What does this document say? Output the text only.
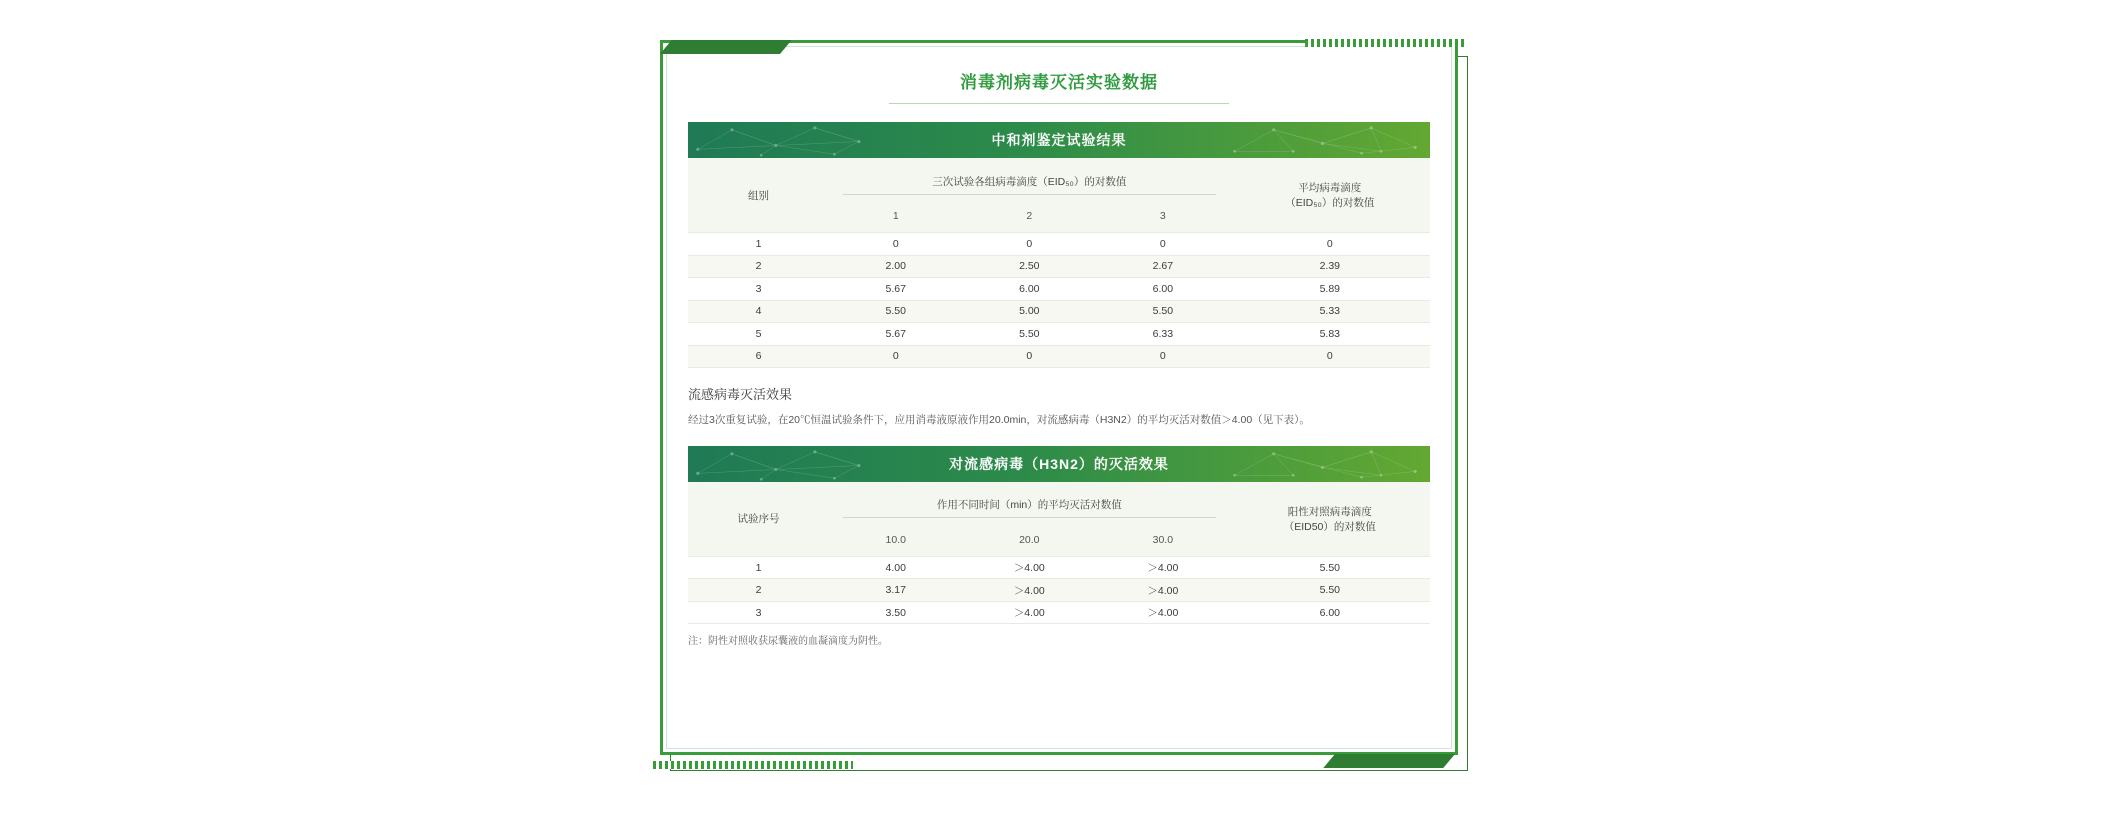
消毒剂病毒灭活实验数据
中和剂鉴定试验结果
组别	三次试验各组病毒滴度（EID₅₀）的对数值			平均病毒滴度
（EID₅₀）的对数值

	1	2	3	
1	0	0	0	0
2	2.00	2.50	2.67	2.39
3	5.67	6.00	6.00	5.89
4	5.50	5.00	5.50	5.33
5	5.67	5.50	6.33	5.83
6	0	0	0	0
流感病毒灭活效果

经过3次重复试验，在20℃恒温试验条件下，应用消毒液原液作用20.0min，对流感病毒（H3N2）的平均灭活对数值＞4.00（见下表）。

对流感病毒（H3N2）的灭活效果
试验序号	作用不同时间（min）的平均灭活对数值			阳性对照病毒滴度
（EID50）的对数值

	10.0	20.0	30.0	
1	4.00	＞4.00	＞4.00	5.50
2	3.17	＞4.00	＞4.00	5.50
3	3.50	＞4.00	＞4.00	6.00
注：阴性对照收获尿囊液的血凝滴度为阴性。
